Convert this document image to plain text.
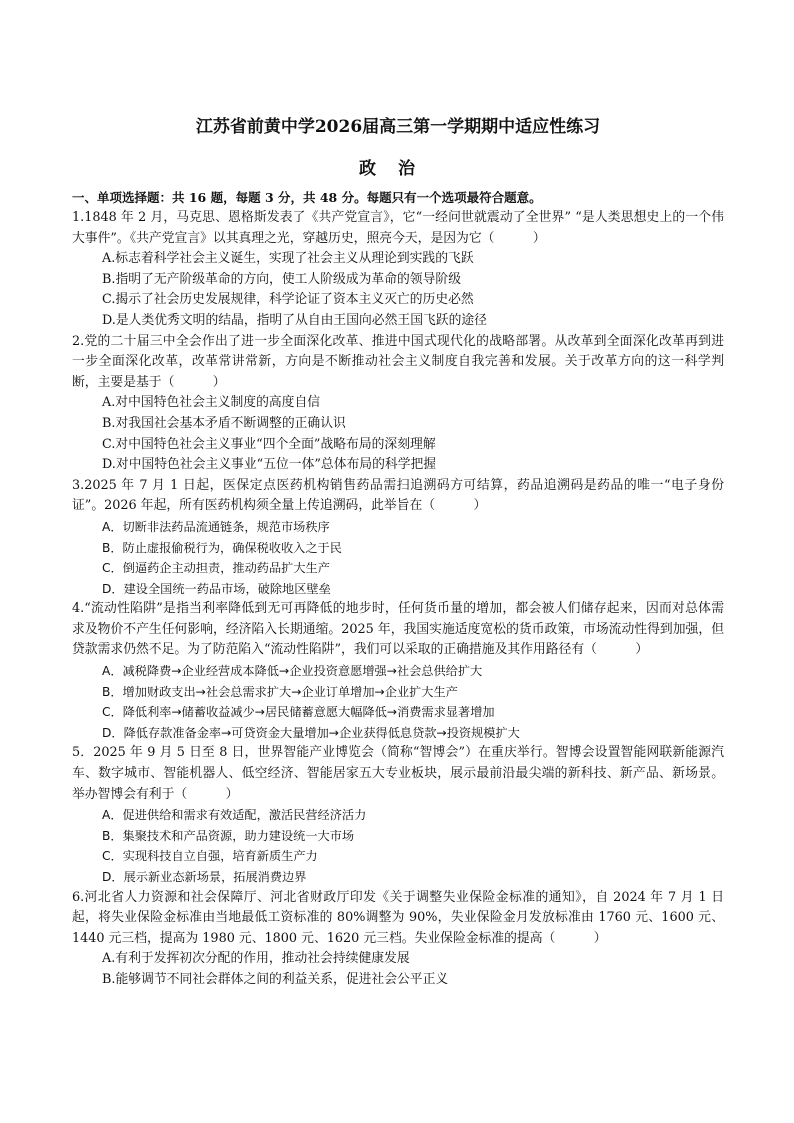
江苏省前黄中学2026届高三第一学期期中适应性练习
政治
一、单项选择题：共 16 题，每题 3 分，共 48 分。每题只有一个选项最符合题意。

1.1848 年 2 月，马克思、恩格斯发表了《共产党宣言》，它“一经问世就震动了全世界” “是人类思想史上的一个伟大事件”。《共产党宣言》以其真理之光，穿越历史，照亮今天，是因为它（　　　）

A.标志着科学社会主义诞生，实现了社会主义从理论到实践的飞跃

B.指明了无产阶级革命的方向，使工人阶级成为革命的领导阶级

C.揭示了社会历史发展规律，科学论证了资本主义灭亡的历史必然

D.是人类优秀文明的结晶，指明了从自由王国向必然王国飞跃的途径

2.党的二十届三中全会作出了进一步全面深化改革、推进中国式现代化的战略部署。从改革到全面深化改革再到进一步全面深化改革，改革常讲常新，方向是不断推动社会主义制度自我完善和发展。关于改革方向的这一科学判断，主要是基于（　　　）

A.对中国特色社会主义制度的高度自信

B.对我国社会基本矛盾不断调整的正确认识

C.对中国特色社会主义事业“四个全面”战略布局的深刻理解

D.对中国特色社会主义事业“五位一体”总体布局的科学把握

3.2025 年 7 月 1 日起，医保定点医药机构销售药品需扫追溯码方可结算，药品追溯码是药品的唯一“电子身份证”。2026 年起，所有医药机构须全量上传追溯码，此举旨在（　　　）

A．切断非法药品流通链条，规范市场秩序

B．防止虚报偷税行为，确保税收收入之于民

C．倒逼药企主动担责，推动药品扩大生产

D．建设全国统一药品市场，破除地区壁垒

4.“流动性陷阱”是指当利率降低到无可再降低的地步时，任何货币量的增加，都会被人们储存起来，因而对总体需求及物价不产生任何影响，经济陷入长期通缩。2025 年，我国实施适度宽松的货币政策，市场流动性得到加强，但贷款需求仍然不足。为了防范陷入“流动性陷阱”，我们可以采取的正确措施及其作用路径有（　　　）

A．减税降费→企业经营成本降低→企业投资意愿增强→社会总供给扩大

B．增加财政支出→社会总需求扩大→企业订单增加→企业扩大生产

C．降低利率→储蓄收益减少→居民储蓄意愿大幅降低→消费需求显著增加

D．降低存款准备金率→可贷资金大量增加→企业获得低息贷款→投资规模扩大

5．2025 年 9 月 5 日至 8 日，世界智能产业博览会（简称“智博会”）在重庆举行。智博会设置智能网联新能源汽车、数字城市、智能机器人、低空经济、智能居家五大专业板块，展示最前沿最尖端的新科技、新产品、新场景。举办智博会有利于（　　　）

A．促进供给和需求有效适配，激活民营经济活力

B．集聚技术和产品资源，助力建设统一大市场

C．实现科技自立自强，培育新质生产力

D．展示新业态新场景，拓展消费边界

6.河北省人力资源和社会保障厅、河北省财政厅印发《关于调整失业保险金标准的通知》，自 2024 年 7 月 1 日起，将失业保险金标准由当地最低工资标准的 80%调整为 90%，失业保险金月发放标准由 1760 元、1600 元、1440 元三档，提高为 1980 元、1800 元、1620 元三档。失业保险金标准的提高（　　　）

A.有利于发挥初次分配的作用，推动社会持续健康发展

B.能够调节不同社会群体之间的利益关系，促进社会公平正义
